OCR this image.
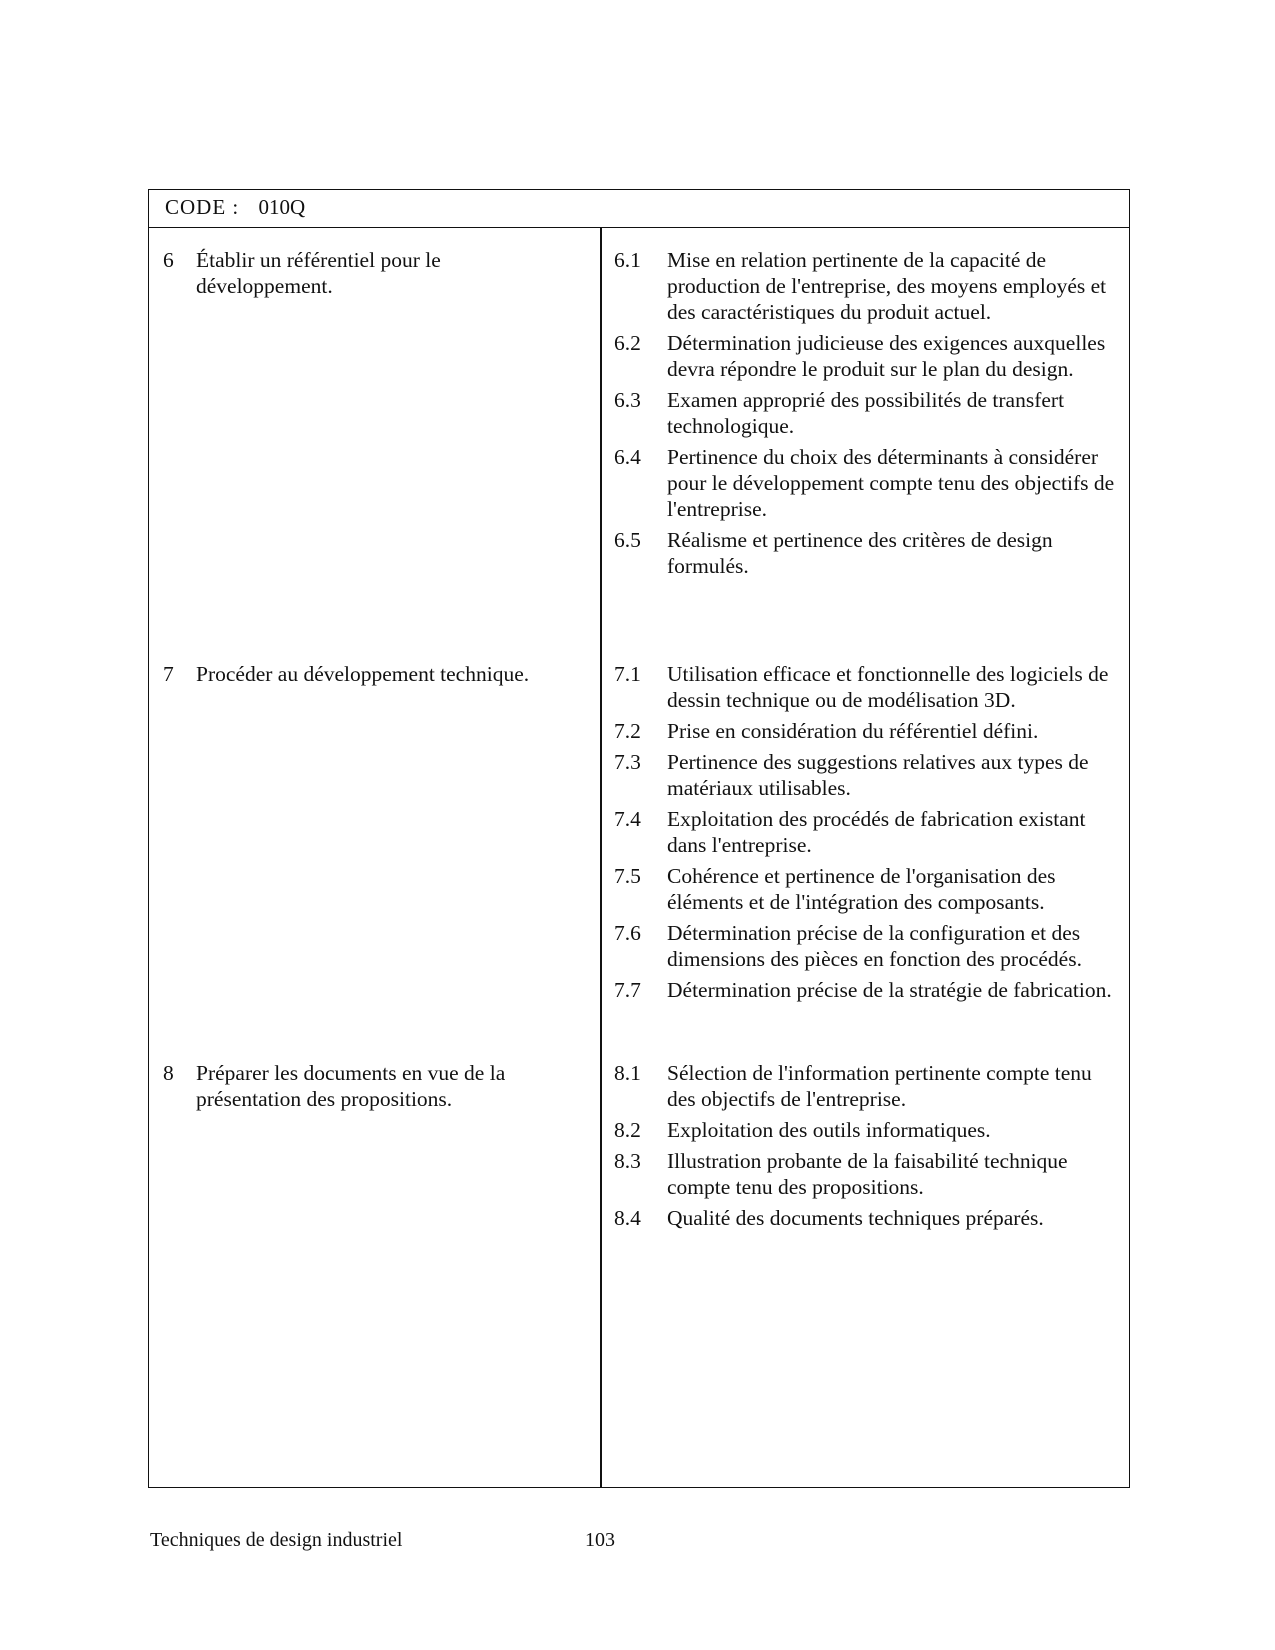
CODE : 010Q
6 Établir un référentiel pour le développement.
6.1 Mise en relation pertinente de la capacité de production de l'entreprise, des moyens employés et des caractéristiques du produit actuel.
6.2 Détermination judicieuse des exigences auxquelles devra répondre le produit sur le plan du design.
6.3 Examen approprié des possibilités de transfert technologique.
6.4 Pertinence du choix des déterminants à considérer pour le développement compte tenu des objectifs de l'entreprise.
6.5 Réalisme et pertinence des critères de design formulés.
7 Procéder au développement technique.	7.1 Utilisation efficace et fonctionnelle des logiciels de dessin technique ou de modélisation 3D.
7.2 Prise en considération du référentiel défini.
7.3 Pertinence des suggestions relatives aux types de matériaux utilisables.
7.4 Exploitation des procédés de fabrication existant dans l'entreprise.
7.5 Cohérence et pertinence de l'organisation des éléments et de l'intégration des composants.
7.6 Détermination précise de la configuration et des dimensions des pièces en fonction des procédés.
7.7 Détermination précise de la stratégie de fabrication.
8 Préparer les documents en vue de la présentation des propositions.
8.1 Sélection de l'information pertinente compte tenu des objectifs de l'entreprise.
8.2 Exploitation des outils informatiques.
8.3 Illustration probante de la faisabilité technique compte tenu des propositions.
8.4 Qualité des documents techniques préparés.
Techniques de design industriel	103
